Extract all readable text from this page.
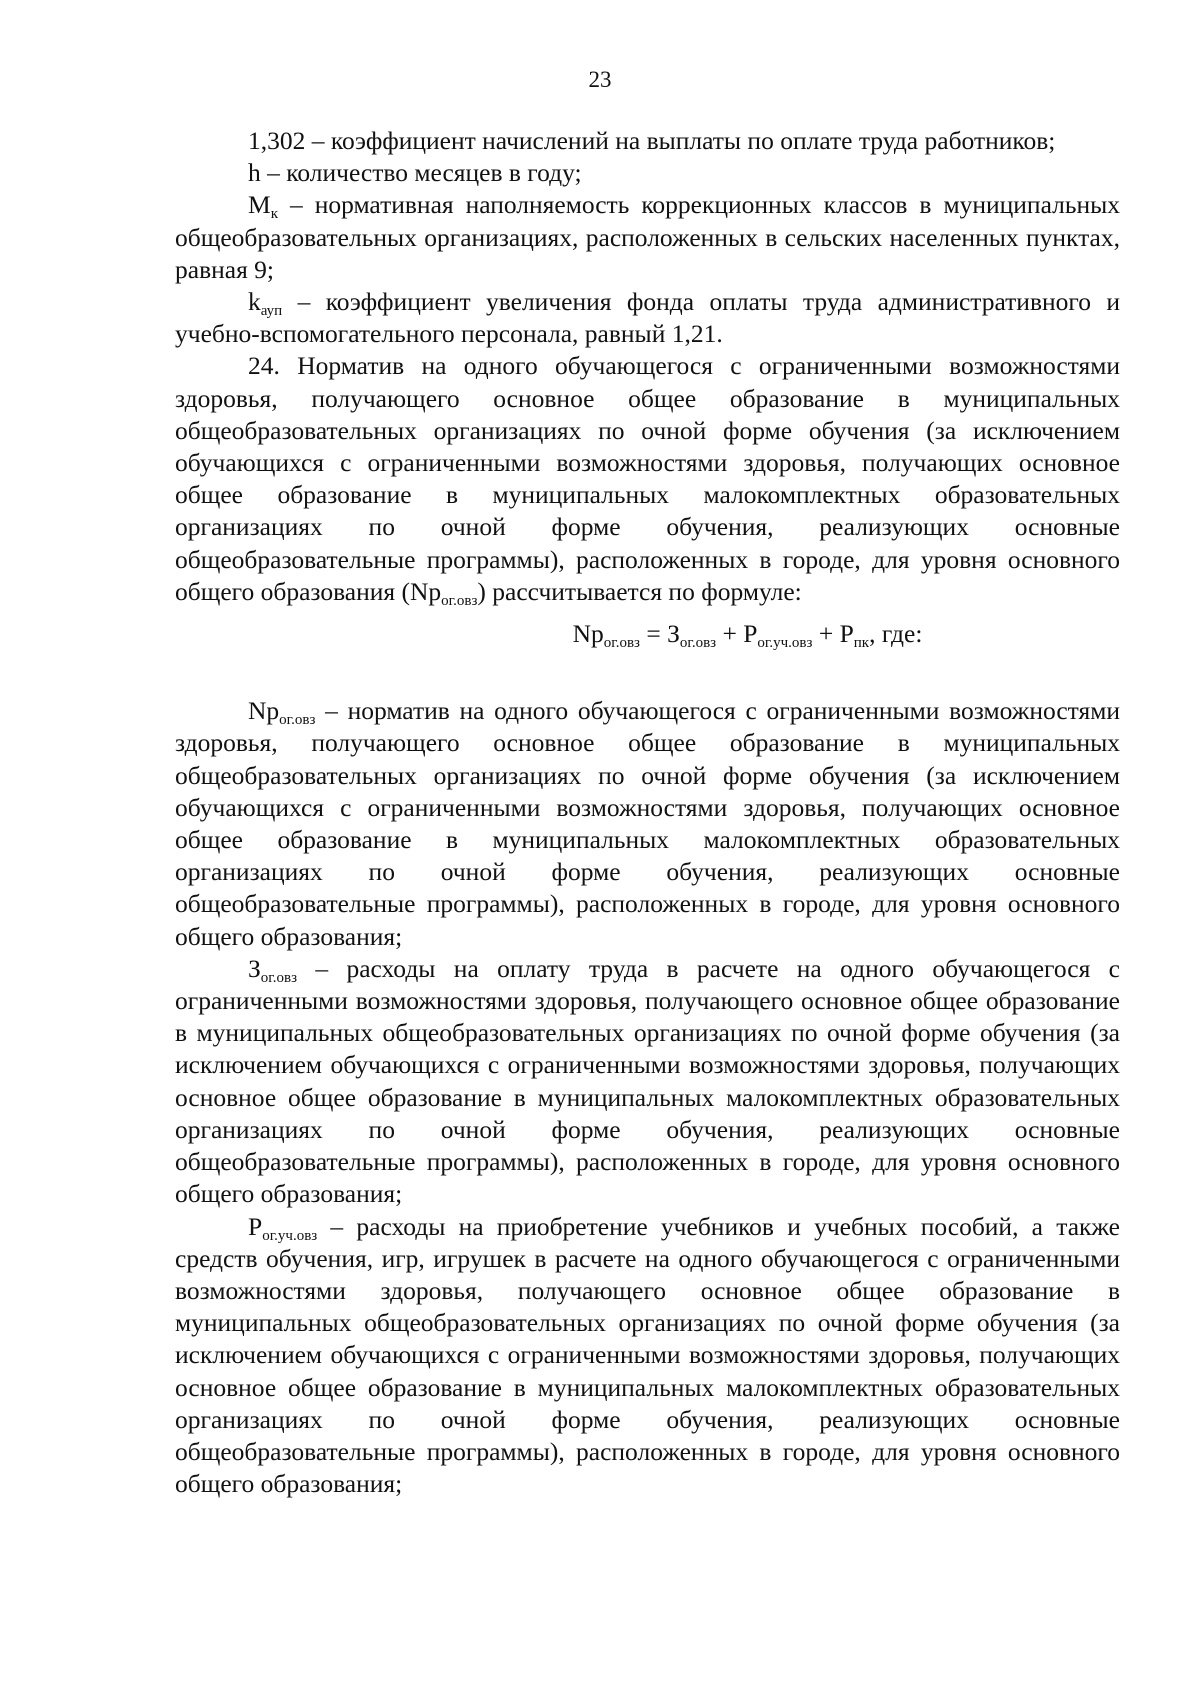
23

1,302 – коэффициент начислений на выплаты по оплате труда работников;

h – количество месяцев в году;

$М_к$ – нормативная наполняемость коррекционных классов в муниципальных общеобразовательных организациях, расположенных в сельских населенных пунктах, равная 9;

$k_{ауп}$ – коэффициент увеличения фонда оплаты труда административного и учебно-вспомогательного персонала, равный 1,21.

24. Норматив на одного обучающегося с ограниченными возможностями здоровья, получающего основное общее образование в муниципальных общеобразовательных организациях по очной форме обучения (за исключением обучающихся с ограниченными возможностями здоровья, получающих основное общее образование в муниципальных малокомплектных образовательных организациях по очной форме обучения, реализующих основные общеобразовательные программы), расположенных в городе, для уровня основного общего образования $(Np_{ог.овз})$ рассчитывается по формуле:

$Np_{ог.овз} = З_{ог.овз} + Р_{ог.уч.овз} + Р_{пк}$, где:

$Np_{ог.овз}$ – норматив на одного обучающегося с ограниченными возможностями здоровья, получающего основное общее образование в муниципальных общеобразовательных организациях по очной форме обучения (за исключением обучающихся с ограниченными возможностями здоровья, получающих основное общее образование в муниципальных малокомплектных образовательных организациях по очной форме обучения, реализующих основные общеобразовательные программы), расположенных в городе, для уровня основного общего образования;

$З_{ог.овз}$ – расходы на оплату труда в расчете на одного обучающегося с ограниченными возможностями здоровья, получающего основное общее образование в муниципальных общеобразовательных организациях по очной форме обучения (за исключением обучающихся с ограниченными возможностями здоровья, получающих основное общее образование в муниципальных малокомплектных образовательных организациях по очной форме обучения, реализующих основные общеобразовательные программы), расположенных в городе, для уровня основного общего образования;

$Р_{ог.уч.овз}$ – расходы на приобретение учебников и учебных пособий, а также средств обучения, игр, игрушек в расчете на одного обучающегося с ограниченными возможностями здоровья, получающего основное общее образование в муниципальных общеобразовательных организациях по очной форме обучения (за исключением обучающихся с ограниченными возможностями здоровья, получающих основное общее образование в муниципальных малокомплектных образовательных организациях по очной форме обучения, реализующих основные общеобразовательные программы), расположенных в городе, для уровня основного общего образования;
